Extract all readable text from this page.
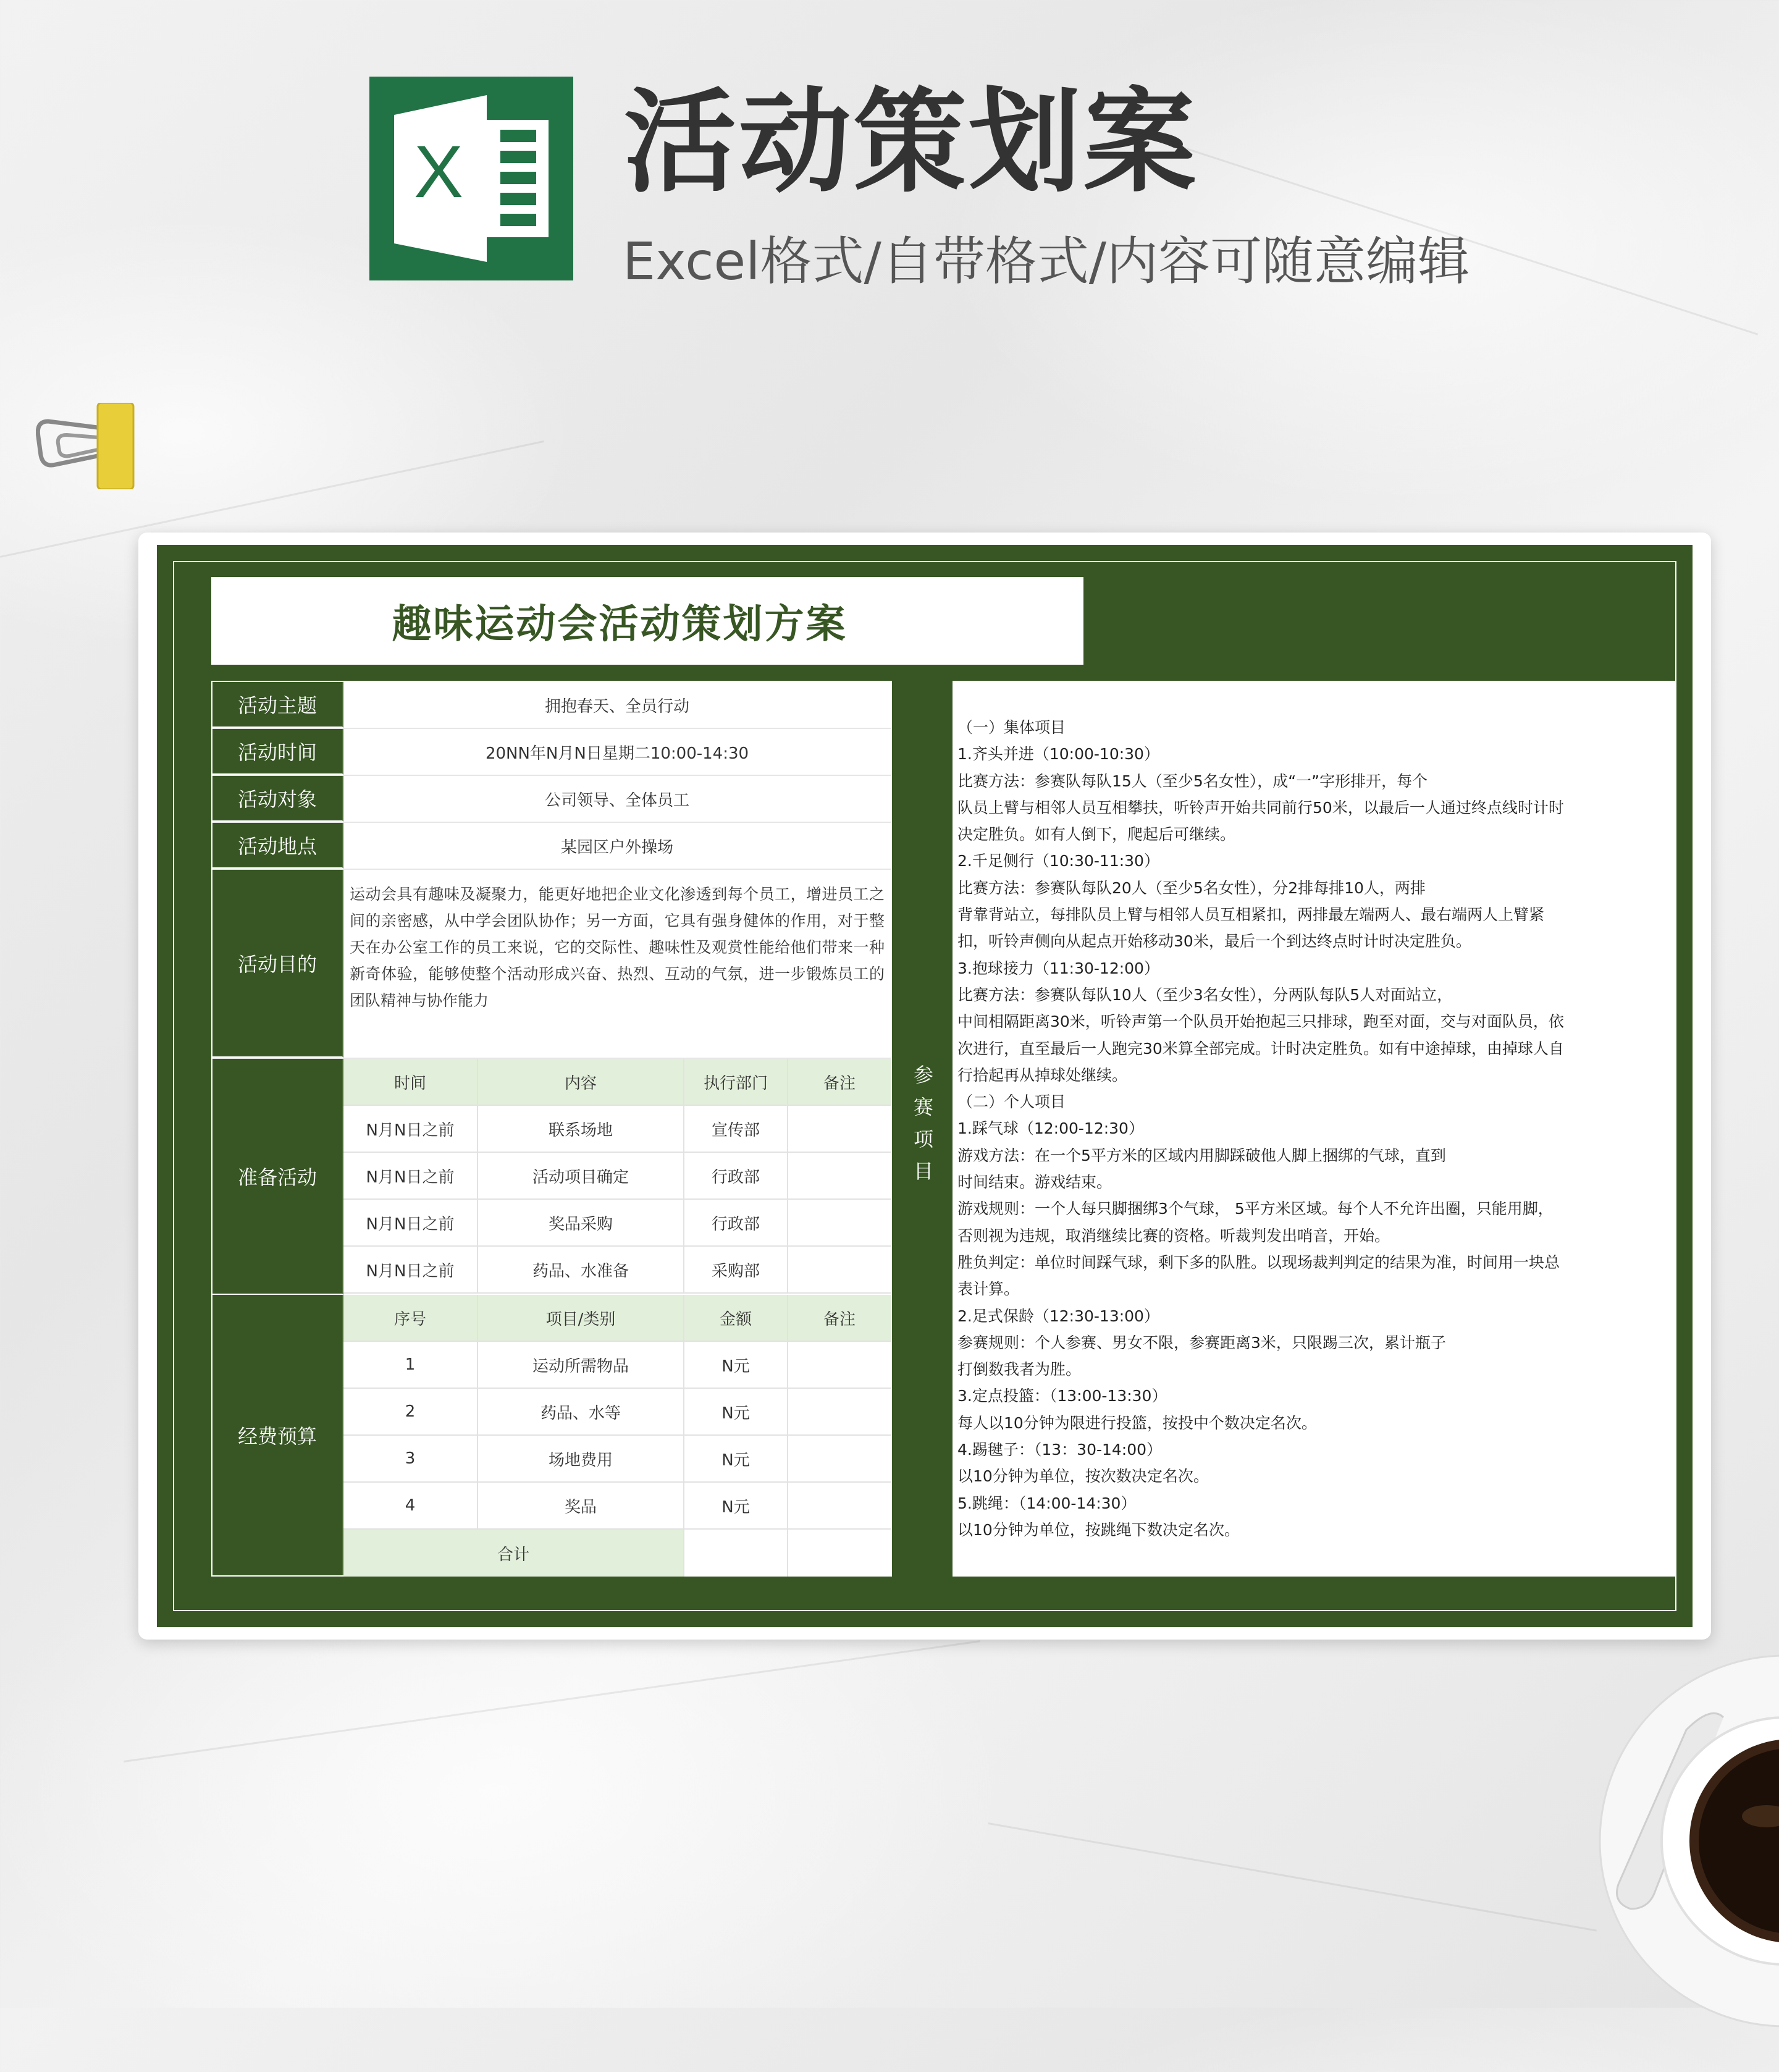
X 活动策划案
Excel格式/自带格式/内容可随意编辑
趣味运动会活动策划方案
活动主题	拥抱春天、全员行动
活动时间	20NN年N月N日星期二10:00-14:30
活动对象	公司领导、全体员工
活动地点	某园区户外操场
活动目的
运动会具有趣味及凝聚力，能更好地把企业文化渗透到每个员工，增进员工之间的亲密感，从中学会团队协作；另一方面，它具有强身健体的作用，对于整天在办公室工作的员工来说，它的交际性、趣味性及观赏性能给他们带来一种新奇体验，能够使整个活动形成兴奋、热烈、互动的气氛，进一步锻炼员工的团队精神与协作能力
准备活动
时间	内容	执行部门	备注
N月N日之前	联系场地	宣传部
N月N日之前	活动项目确定	行政部
N月N日之前	奖品采购	行政部
N月N日之前	药品、水准备	采购部
经费预算
序号	项目/类别	金额	备注
1	运动所需物品	N元
2	药品、水等	N元
3	场地费用	N元
4	奖品	N元
合计
参赛项目
（一）集体项目
1.齐头并进（10:00-10:30）
比赛方法：参赛队每队15人（至少5名女性），成“一”字形排开，每个
队员上臂与相邻人员互相攀扶，听铃声开始共同前行50米，以最后一人通过终点线时计时
决定胜负。如有人倒下，爬起后可继续。
2.千足侧行（10:30-11:30）
比赛方法：参赛队每队20人（至少5名女性），分2排每排10人，两排
背靠背站立，每排队员上臂与相邻人员互相紧扣，两排最左端两人、最右端两人上臂紧
扣，听铃声侧向从起点开始移动30米，最后一个到达终点时计时决定胜负。
3.抱球接力（11:30-12:00）
比赛方法：参赛队每队10人（至少3名女性），分两队每队5人对面站立，
中间相隔距离30米，听铃声第一个队员开始抱起三只排球，跑至对面，交与对面队员，依
次进行，直至最后一人跑完30米算全部完成。计时决定胜负。如有中途掉球，由掉球人自
行拾起再从掉球处继续。
（二）个人项目
1.踩气球（12:00-12:30）
游戏方法：在一个5平方米的区域内用脚踩破他人脚上捆绑的气球，直到
时间结束。游戏结束。
游戏规则：一个人每只脚捆绑3个气球， 5平方米区域。每个人不允许出圈，只能用脚，
否则视为违规，取消继续比赛的资格。听裁判发出哨音，开始。
胜负判定：单位时间踩气球，剩下多的队胜。以现场裁判判定的结果为准，时间用一块总
表计算。
2.足式保龄（12:30-13:00）
参赛规则：个人参赛、男女不限，参赛距离3米，只限踢三次，累计瓶子
打倒数我者为胜。
3.定点投篮：（13:00-13:30）
每人以10分钟为限进行投篮，按投中个数决定名次。
4.踢毽子：（13：30-14:00）
以10分钟为单位，按次数决定名次。
5.跳绳：（14:00-14:30）
以10分钟为单位，按跳绳下数决定名次。
